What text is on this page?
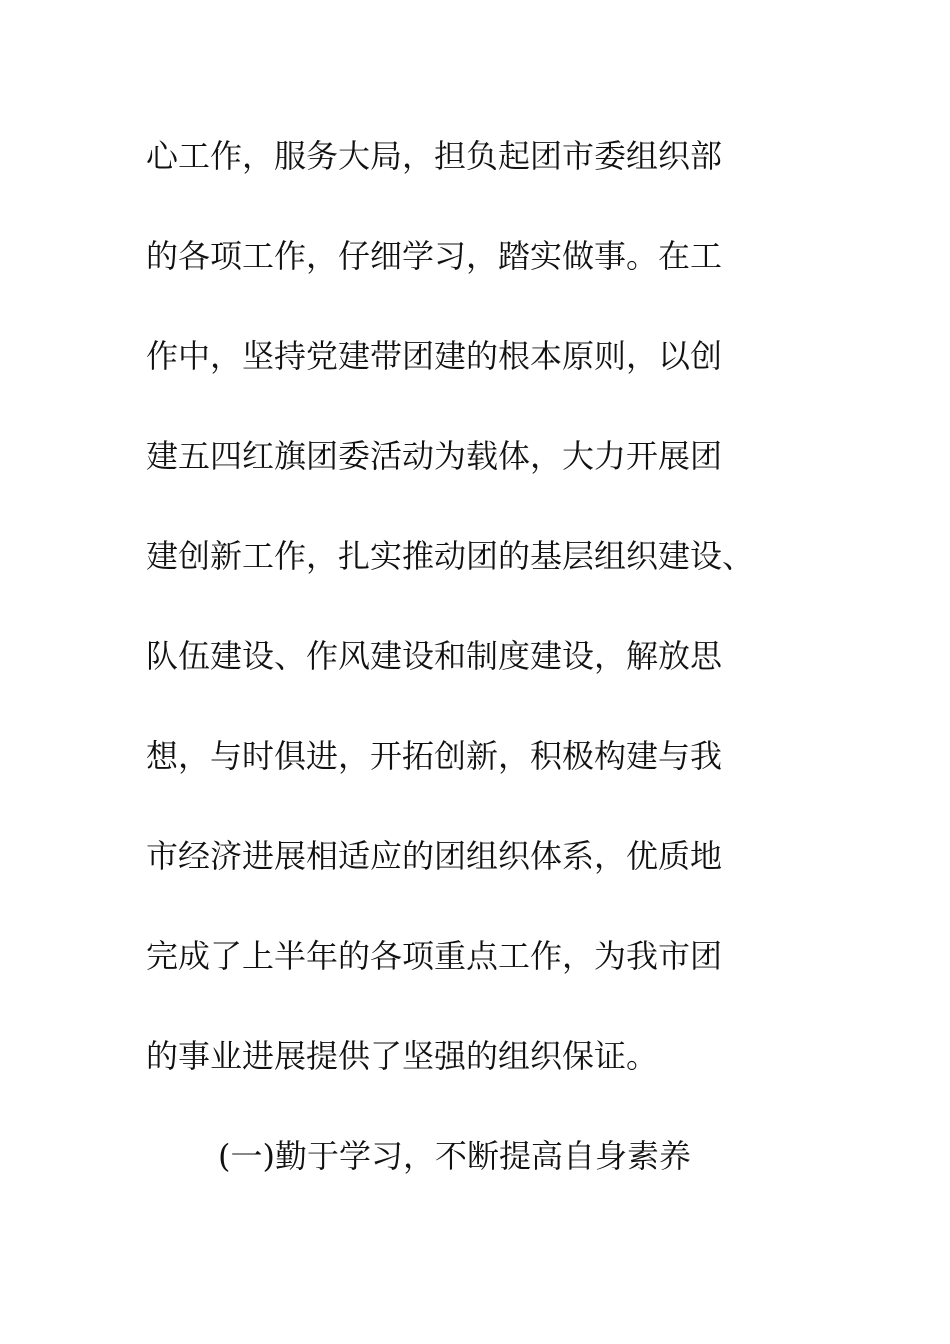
心工作，服务大局，担负起团市委组织部
的各项工作，仔细学习，踏实做事。在工
作中，坚持党建带团建的根本原则，以创
建五四红旗团委活动为载体，大力开展团
建创新工作，扎实推动团的基层组织建设、
队伍建设、作风建设和制度建设，解放思
想，与时俱进，开拓创新，积极构建与我
市经济进展相适应的团组织体系，优质地
完成了上半年的各项重点工作，为我市团
的事业进展提供了坚强的组织保证。
(一)勤于学习，不断提高自身素养
